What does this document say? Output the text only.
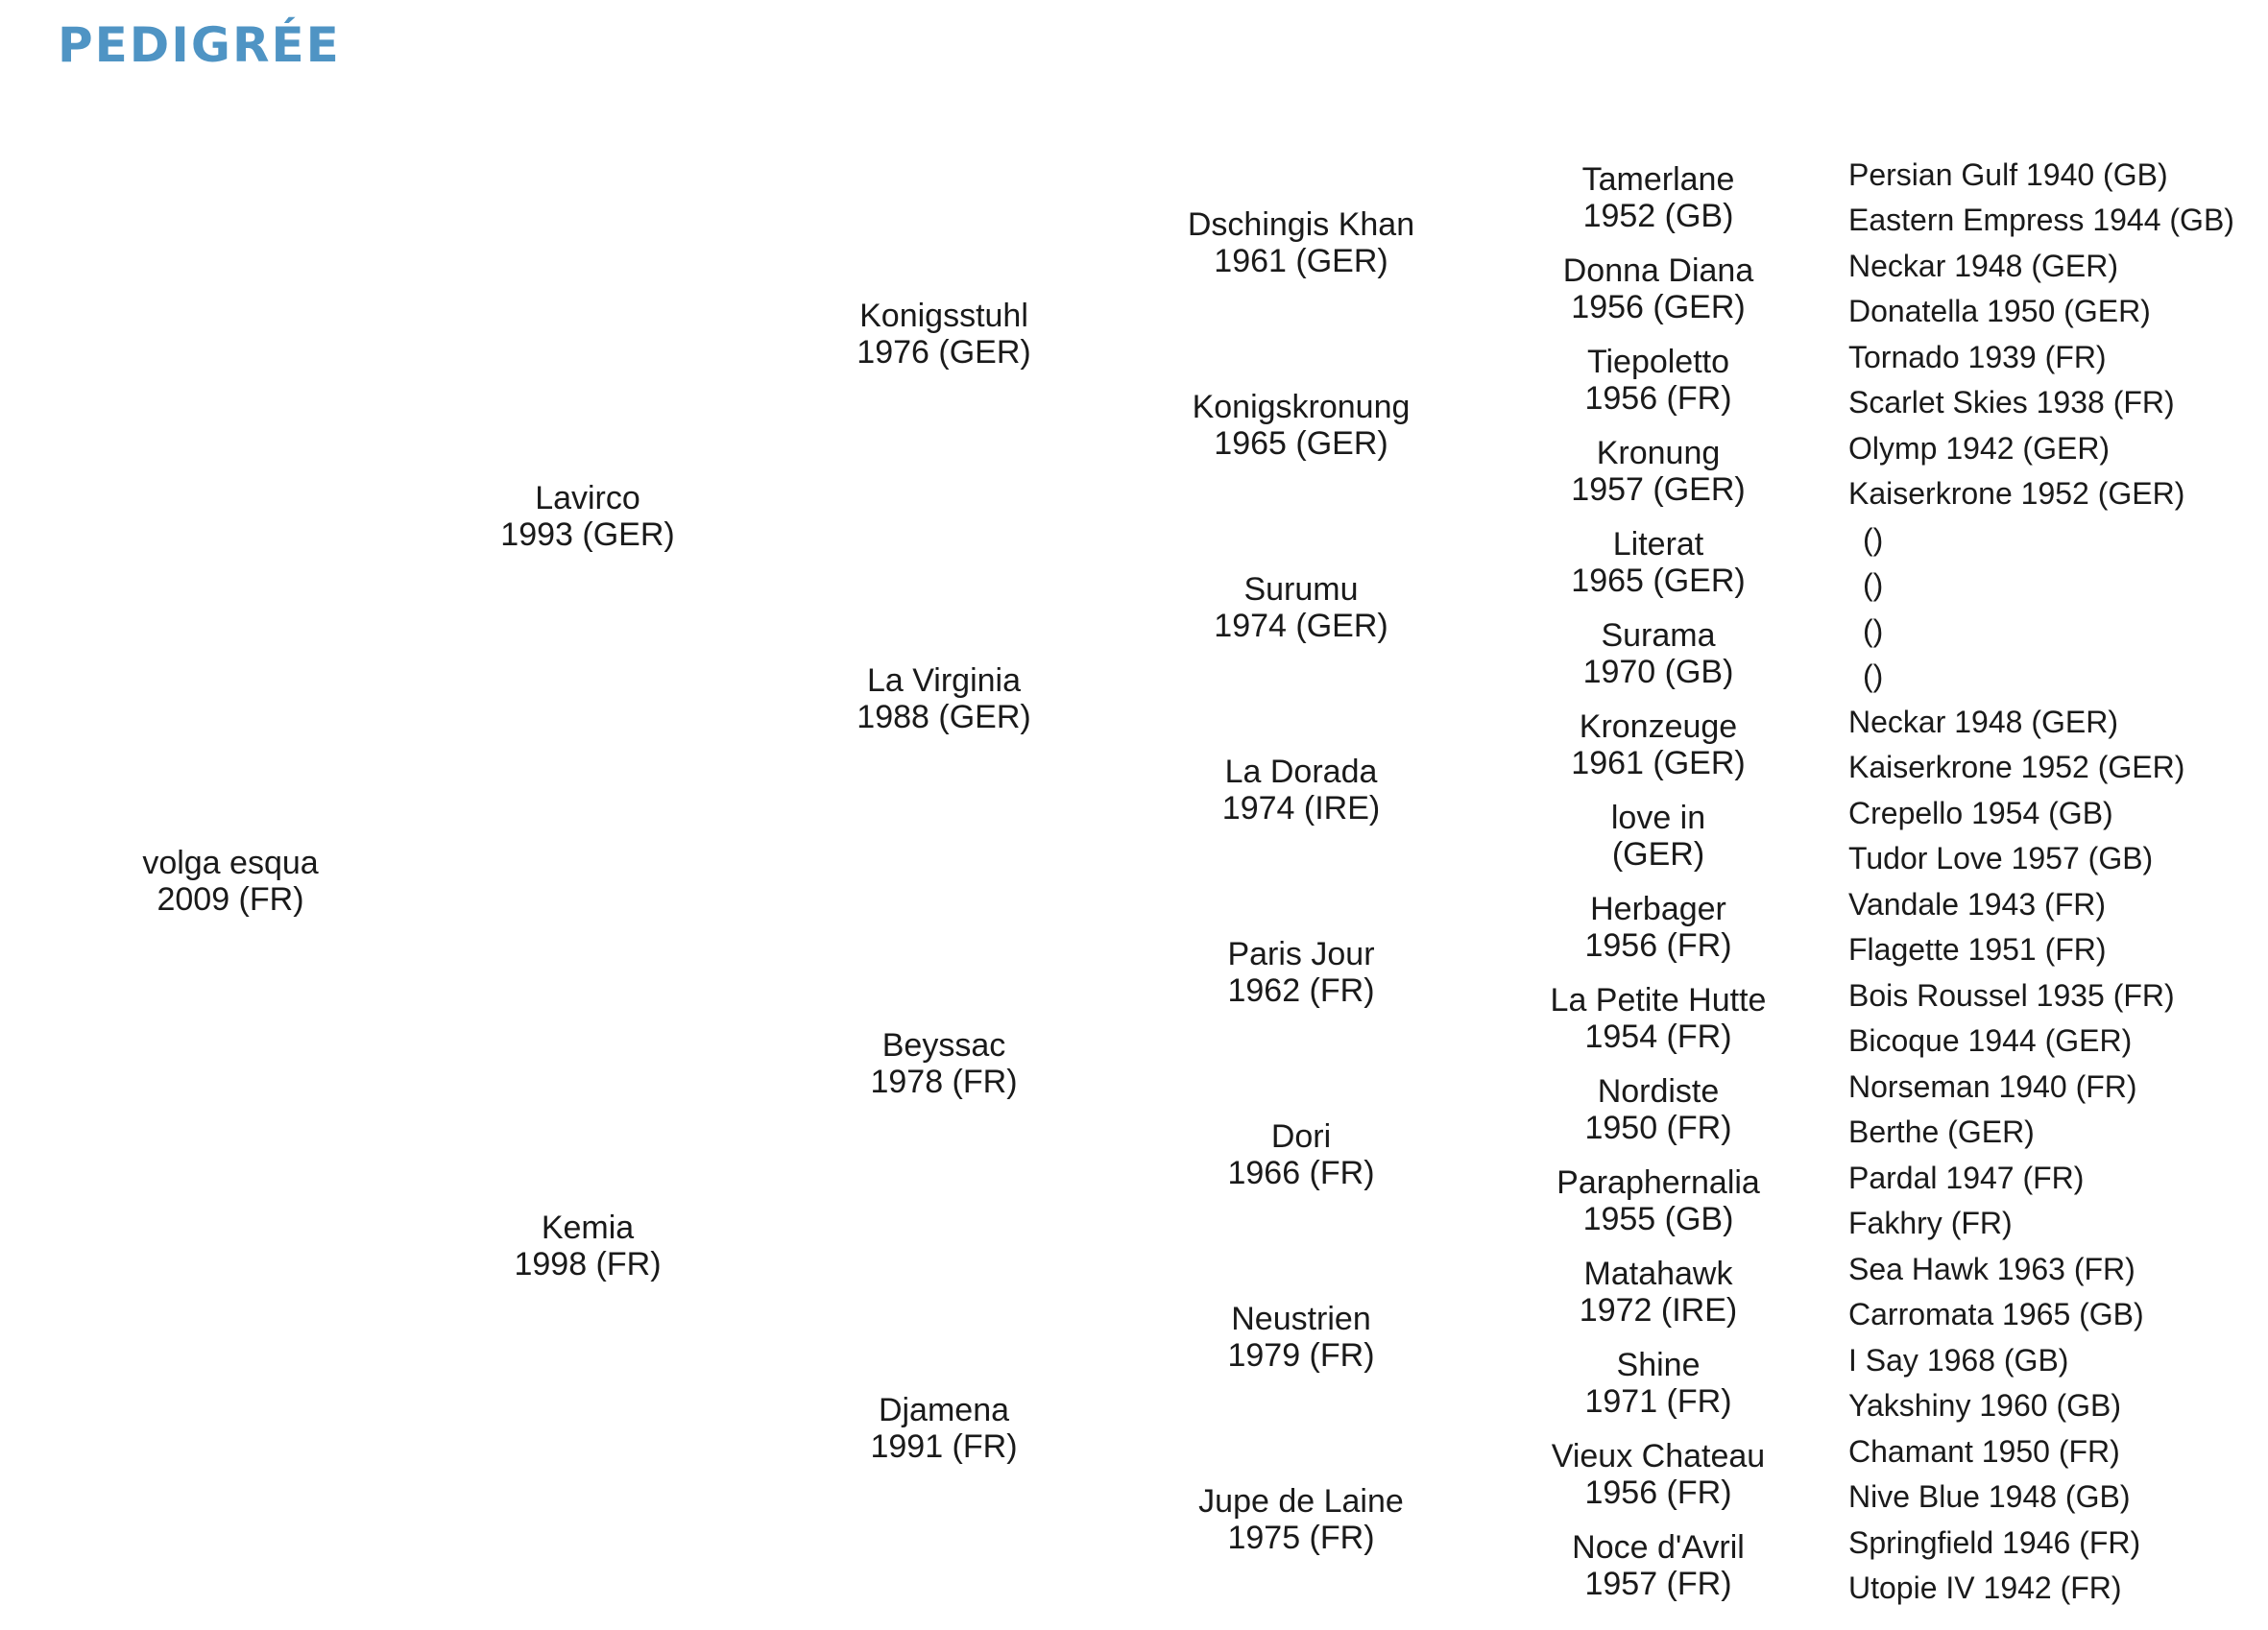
PEDIGRÉE
volga esqua
2009 (FR)
Lavirco
1993 (GER)
Kemia
1998 (FR)
Konigsstuhl
1976 (GER)
La Virginia
1988 (GER)
Beyssac
1978 (FR)
Djamena
1991 (FR)
Dschingis Khan
1961 (GER)
Konigskronung
1965 (GER)
Surumu
1974 (GER)
La Dorada
1974 (IRE)
Paris Jour
1962 (FR)
Dori
1966 (FR)
Neustrien
1979 (FR)
Jupe de Laine
1975 (FR)
Tamerlane
1952 (GB)
Donna Diana
1956 (GER)
Tiepoletto
1956 (FR)
Kronung
1957 (GER)
Literat
1965 (GER)
Surama
1970 (GB)
Kronzeuge
1961 (GER)
love in
(GER)
Herbager
1956 (FR)
La Petite Hutte
1954 (FR)
Nordiste
1950 (FR)
Paraphernalia
1955 (GB)
Matahawk
1972 (IRE)
Shine
1971 (FR)
Vieux Chateau
1956 (FR)
Noce d'Avril
1957 (FR)
Persian Gulf 1940 (GB)
Eastern Empress 1944 (GB)
Neckar 1948 (GER)
Donatella 1950 (GER)
Tornado 1939 (FR)
Scarlet Skies 1938 (FR)
Olymp 1942 (GER)
Kaiserkrone 1952 (GER)
()
()
()
()
Neckar 1948 (GER)
Kaiserkrone 1952 (GER)
Crepello 1954 (GB)
Tudor Love 1957 (GB)
Vandale 1943 (FR)
Flagette 1951 (FR)
Bois Roussel 1935 (FR)
Bicoque 1944 (GER)
Norseman 1940 (FR)
Berthe (GER)
Pardal 1947 (FR)
Fakhry (FR)
Sea Hawk 1963 (FR)
Carromata 1965 (GB)
I Say 1968 (GB)
Yakshiny 1960 (GB)
Chamant 1950 (FR)
Nive Blue 1948 (GB)
Springfield 1946 (FR)
Utopie IV 1942 (FR)
